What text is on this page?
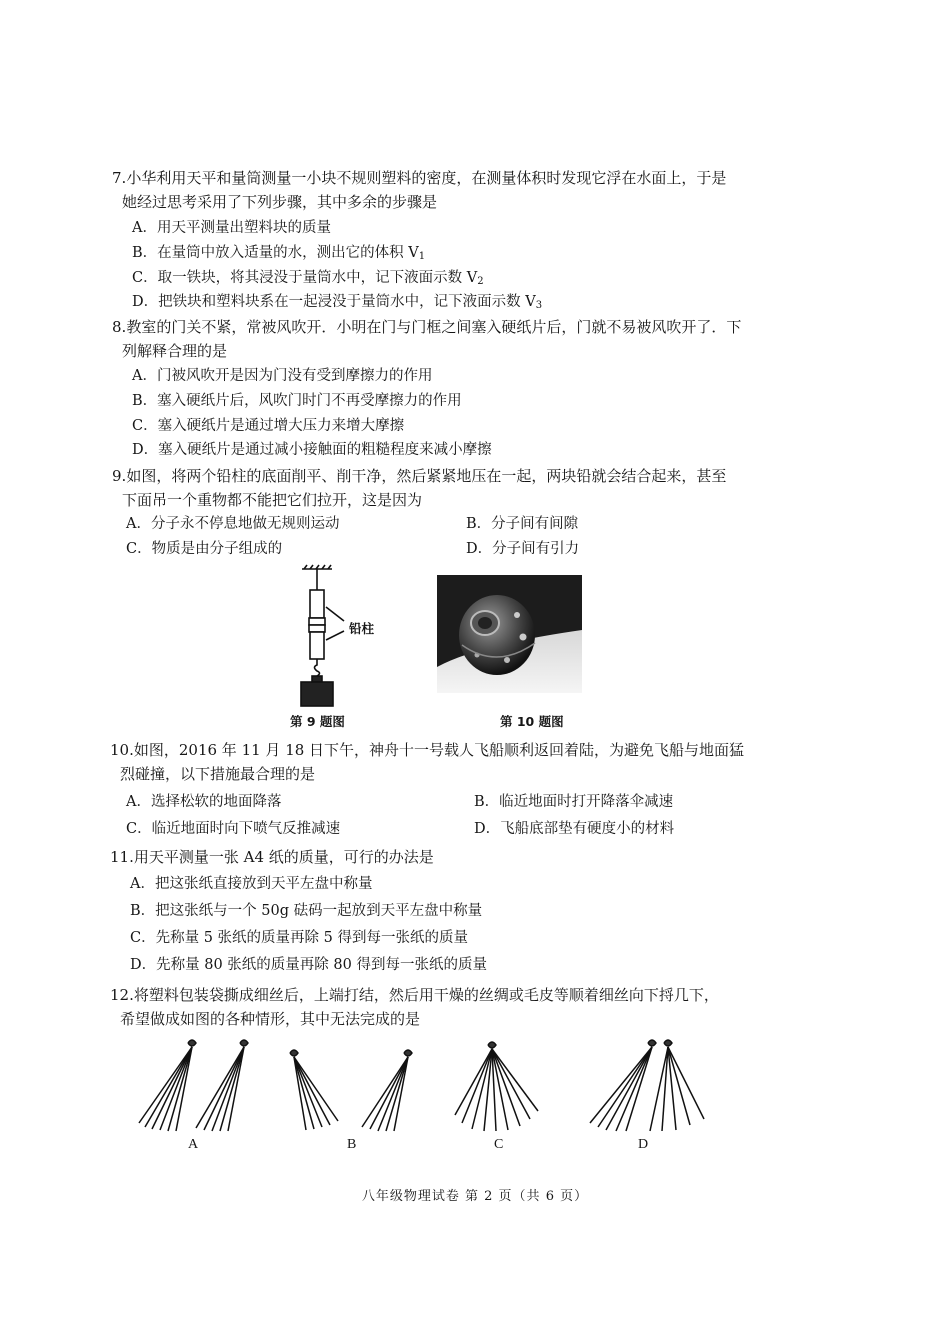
7.小华利用天平和量筒测量一小块不规则塑料的密度，在测量体积时发现它浮在水面上，于是
她经过思考采用了下列步骤，其中多余的步骤是

A．用天平测量出塑料块的质量

B．在量筒中放入适量的水，测出它的体积 $V_1$

C．取一铁块，将其浸没于量筒水中，记下液面示数 $V_2$

D．把铁块和塑料块系在一起浸没于量筒水中，记下液面示数 $V_3$

8.教室的门关不紧，常被风吹开．小明在门与门框之间塞入硬纸片后，门就不易被风吹开了．下
列解释合理的是

A．门被风吹开是因为门没有受到摩擦力的作用

B．塞入硬纸片后，风吹门时门不再受摩擦力的作用

C．塞入硬纸片是通过增大压力来增大摩擦

D．塞入硬纸片是通过减小接触面的粗糙程度来减小摩擦

9.如图，将两个铅柱的底面削平、削干净，然后紧紧地压在一起，两块铅就会结合起来，甚至
下面吊一个重物都不能把它们拉开，这是因为

A．分子永不停息地做无规则运动	B．分子间有间隙

C．物质是由分子组成的	D．分子间有引力

铅柱
第 9 题图	第 10 题图

10.如图，2016 年 11 月 18 日下午，神舟十一号载人飞船顺利返回着陆，为避免飞船与地面猛
烈碰撞，以下措施最合理的是

A．选择松软的地面降落	B．临近地面时打开降落伞减速

C．临近地面时向下喷气反推减速	D．飞船底部垫有硬度小的材料

11.用天平测量一张 A4 纸的质量，可行的办法是

A．把这张纸直接放到天平左盘中称量

B．把这张纸与一个 50g 砝码一起放到天平左盘中称量

C．先称量 5 张纸的质量再除 5 得到每一张纸的质量

D．先称量 80 张纸的质量再除 80 得到每一张纸的质量

12.将塑料包装袋撕成细丝后，上端打结，然后用干燥的丝绸或毛皮等顺着细丝向下捋几下，
希望做成如图的各种情形，其中无法完成的是

A	B	C	D
八年级物理试卷 第 2 页（共 6 页）
